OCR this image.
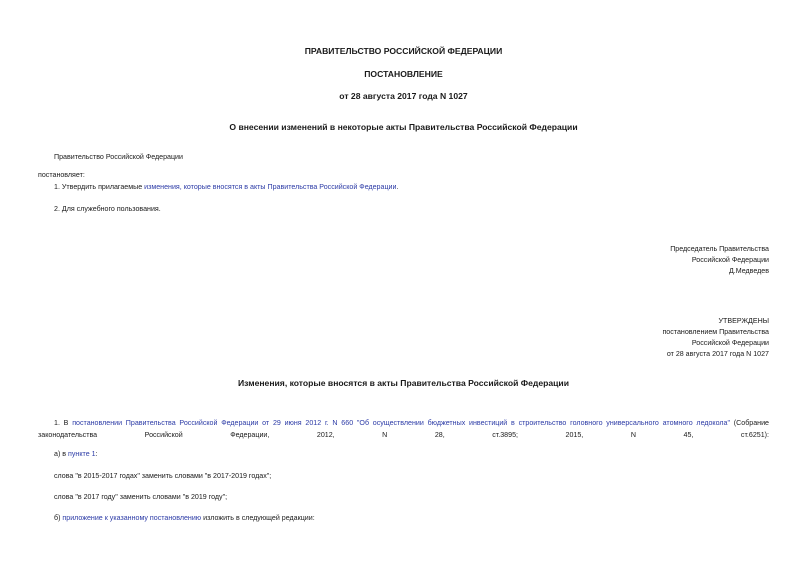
ПРАВИТЕЛЬСТВО РОССИЙСКОЙ ФЕДЕРАЦИИ
ПОСТАНОВЛЕНИЕ
от 28 августа 2017 года N 1027
О внесении изменений в некоторые акты Правительства Российской Федерации
Правительство Российской Федерации
постановляет:
1. Утвердить прилагаемые изменения, которые вносятся в акты Правительства Российской Федерации.
2. Для служебного пользования.
Председатель Правительства
Российской Федерации
Д.Медведев
УТВЕРЖДЕНЫ
постановлением Правительства
Российской Федерации
от 28 августа 2017 года N 1027
Изменения, которые вносятся в акты Правительства Российской Федерации
1. В постановлении Правительства Российской Федерации от 29 июня 2012 г. N 660 "Об осуществлении бюджетных инвестиций в строительство головного универсального атомного ледокола" (Собрание законодательства Российской Федерации, 2012, N 28, ст.3895; 2015, N 45, ст.6251):
а) в пункте 1:
слова "в 2015-2017 годах" заменить словами "в 2017-2019 годах";
слова "в 2017 году" заменить словами "в 2019 году";
б) приложение к указанному постановлению изложить в следующей редакции:
